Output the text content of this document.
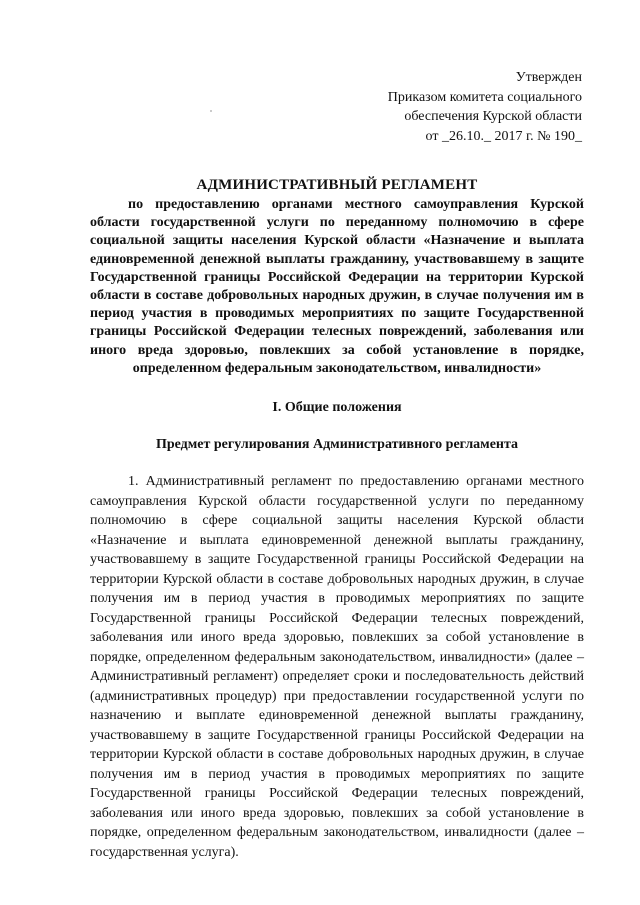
Утвержден
Приказом комитета социального
обеспечения Курской области
от _26.10._ 2017 г. № 190_
АДМИНИСТРАТИВНЫЙ РЕГЛАМЕНТ
по предоставлению органами местного самоуправления Курской области государственной услуги по переданному полномочию в сфере социальной защиты населения Курской области «Назначение и выплата единовременной денежной выплаты гражданину, участвовавшему в защите Государственной границы Российской Федерации на территории Курской области в составе добровольных народных дружин, в случае получения им в период участия в проводимых мероприятиях по защите Государственной границы Российской Федерации телесных повреждений, заболевания или иного вреда здоровью, повлекших за собой установление в порядке, определенном федеральным законодательством, инвалидности»
I. Общие положения
Предмет регулирования Административного регламента
1. Административный регламент по предоставлению органами местного самоуправления Курской области государственной услуги по переданному полномочию в сфере социальной защиты населения Курской области «Назначение и выплата единовременной денежной выплаты гражданину, участвовавшему в защите Государственной границы Российской Федерации на территории Курской области в составе добровольных народных дружин, в случае получения им в период участия в проводимых мероприятиях по защите Государственной границы Российской Федерации телесных повреждений, заболевания или иного вреда здоровью, повлекших за собой установление в порядке, определенном федеральным законодательством, инвалидности» (далее – Административный регламент) определяет сроки и последовательность действий (административных процедур) при предоставлении государственной услуги по назначению и выплате единовременной денежной выплаты гражданину, участвовавшему в защите Государственной границы Российской Федерации на территории Курской области в составе добровольных народных дружин, в случае получения им в период участия в проводимых мероприятиях по защите Государственной границы Российской Федерации телесных повреждений, заболевания или иного вреда здоровью, повлекших за собой установление в порядке, определенном федеральным законодательством, инвалидности (далее – государственная услуга).
